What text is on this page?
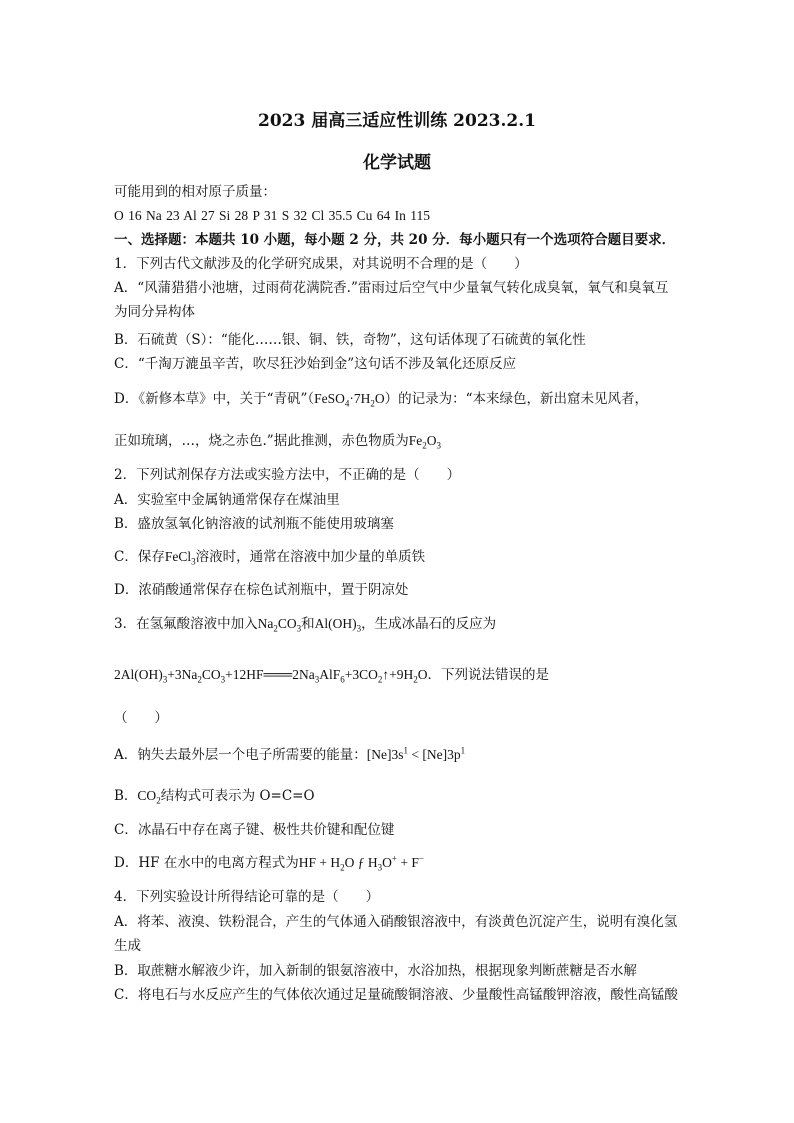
2023 届高三适应性训练 2023.2.1
化学试题
可能用到的相对原子质量：
O 16 Na 23 Al 27 Si 28 P 31 S 32 Cl 35.5 Cu 64 In 115
一、选择题：本题共 10 小题，每小题 2 分，共 20 分．每小题只有一个选项符合题目要求．
1．下列古代文献涉及的化学研究成果，对其说明不合理的是（　　）
A．“风蒲猎猎小池塘，过雨荷花满院香.”雷雨过后空气中少量氧气转化成臭氧，氧气和臭氧互
为同分异构体
B．石硫黄（S）：“能化……银、铜、铁，奇物”，这句话体现了石硫黄的氧化性
C．“千淘万漉虽辛苦，吹尽狂沙始到金”这句话不涉及氧化还原反应
D．《新修本草》中，关于“青矾$”(FeSO_4\cdot 7H_2O)$的记录为：“本来绿色，新出窟未见风者，
正如琉璃，…，烧之赤色.”据此推测，赤色物质为$Fe_2O_3$
2．下列试剂保存方法或实验方法中，不正确的是（　　）
A．实验室中金属钠通常保存在煤油里
B．盛放氢氧化钠溶液的试剂瓶不能使用玻璃塞
C．保存FeCl$_3$溶液时，通常在溶液中加少量的单质铁
D．浓硝酸通常保存在棕色试剂瓶中，置于阴凉处
3．在氢氟酸溶液中加入$Na_2CO_3$和$Al(OH)_3$，生成冰晶石的反应为
$2Al(OH)_3+3Na_2CO_3+12HF═══2Na_3AlF_6+3CO_2↑+9H_2O$．下列说法错误的是
（　　）
A．钠失去最外层一个电子所需要的能量：$[Ne]3s^1 < [Ne]3p^1$
B．$CO_2$结构式可表示为 O=C=O
C．冰晶石中存在离子键、极性共价键和配位键
D．HF 在水中的电离方程式为HF + $H_2O$ ƒ $H_3O^+ + F^-$
4．下列实验设计所得结论可靠的是（　　）
A．将苯、液溴、铁粉混合，产生的气体通入硝酸银溶液中，有淡黄色沉淀产生，说明有溴化氢
生成
B．取蔗糖水解液少许，加入新制的银氨溶液中，水浴加热，根据现象判断蔗糖是否水解
C．将电石与水反应产生的气体依次通过足量硫酸铜溶液、少量酸性高锰酸钾溶液，酸性高锰酸
